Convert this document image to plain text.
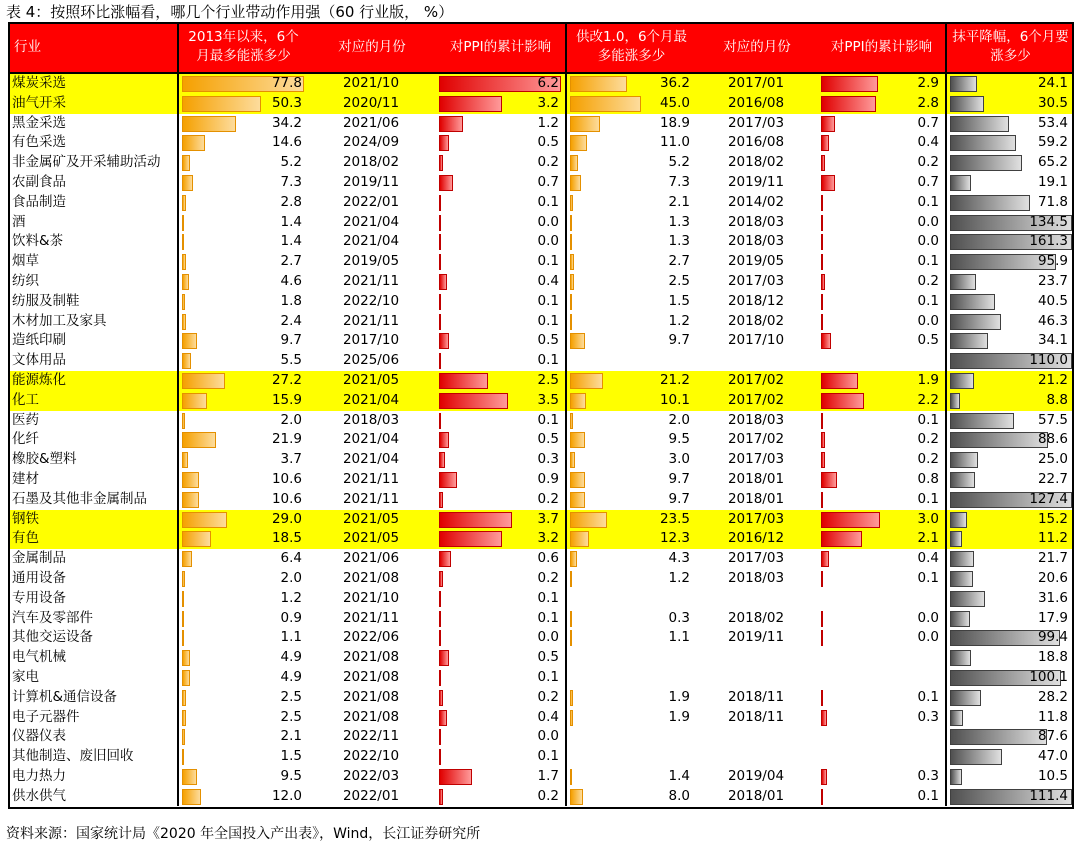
表 4：按照环比涨幅看，哪几个行业带动作用强（60 行业版， %）
行业	2013年以来，6个月最多能涨多少	对应的月份	对PPI的累计影响	供改1.0，6个月最多能涨多少	对应的月份	对PPI的累计影响	抹平降幅，6个月要涨多少
煤炭采选	77.8	2021/10	6.2	36.2	2017/01	2.9	24.1
油气开采	50.3	2020/11	3.2	45.0	2016/08	2.8	30.5
黑金采选	34.2	2021/06	1.2	18.9	2017/03	0.7	53.4
有色采选	14.6	2024/09	0.5	11.0	2016/08	0.4	59.2
非金属矿及开采辅助活动	5.2	2018/02	0.2	5.2	2018/02	0.2	65.2
农副食品	7.3	2019/11	0.7	7.3	2019/11	0.7	19.1
食品制造	2.8	2022/01	0.1	2.1	2014/02	0.1	71.8
酒	1.4	2021/04	0.0	1.3	2018/03	0.0	134.5
饮料&茶	1.4	2021/04	0.0	1.3	2018/03	0.0	161.3
烟草	2.7	2019/05	0.1	2.7	2019/05	0.1	95.9
纺织	4.6	2021/11	0.4	2.5	2017/03	0.2	23.7
纺服及制鞋	1.8	2022/10	0.1	1.5	2018/12	0.1	40.5
木材加工及家具	2.4	2021/11	0.1	1.2	2018/02	0.0	46.3
造纸印刷	9.7	2017/10	0.5	9.7	2017/10	0.5	34.1
文体用品	5.5	2025/06	0.1				110.0
能源炼化	27.2	2021/05	2.5	21.2	2017/02	1.9	21.2
化工	15.9	2021/04	3.5	10.1	2017/02	2.2	8.8
医药	2.0	2018/03	0.1	2.0	2018/03	0.1	57.5
化纤	21.9	2021/04	0.5	9.5	2017/02	0.2	88.6
橡胶&塑料	3.7	2021/04	0.3	3.0	2017/03	0.2	25.0
建材	10.6	2021/11	0.9	9.7	2018/01	0.8	22.7
石墨及其他非金属制品	10.6	2021/11	0.2	9.7	2018/01	0.1	127.4
钢铁	29.0	2021/05	3.7	23.5	2017/03	3.0	15.2
有色	18.5	2021/05	3.2	12.3	2016/12	2.1	11.2
金属制品	6.4	2021/06	0.6	4.3	2017/03	0.4	21.7
通用设备	2.0	2021/08	0.2	1.2	2018/03	0.1	20.6
专用设备	1.2	2021/10	0.1				31.6
汽车及零部件	0.9	2021/11	0.1	0.3	2018/02	0.0	17.9
其他交运设备	1.1	2022/06	0.0	1.1	2019/11	0.0	99.4
电气机械	4.9	2021/08	0.5				18.8
家电	4.9	2021/08	0.1				100.1
计算机&通信设备	2.5	2021/08	0.2	1.9	2018/11	0.1	28.2
电子元器件	2.5	2021/08	0.4	1.9	2018/11	0.3	11.8
仪器仪表	2.1	2022/11	0.0				87.6
其他制造、废旧回收	1.5	2022/10	0.1				47.0
电力热力	9.5	2022/03	1.7	1.4	2019/04	0.3	10.5
供水供气	12.0	2022/01	0.2	8.0	2018/01	0.1	111.4
资料来源：国家统计局《2020 年全国投入产出表》，Wind，长江证券研究所
